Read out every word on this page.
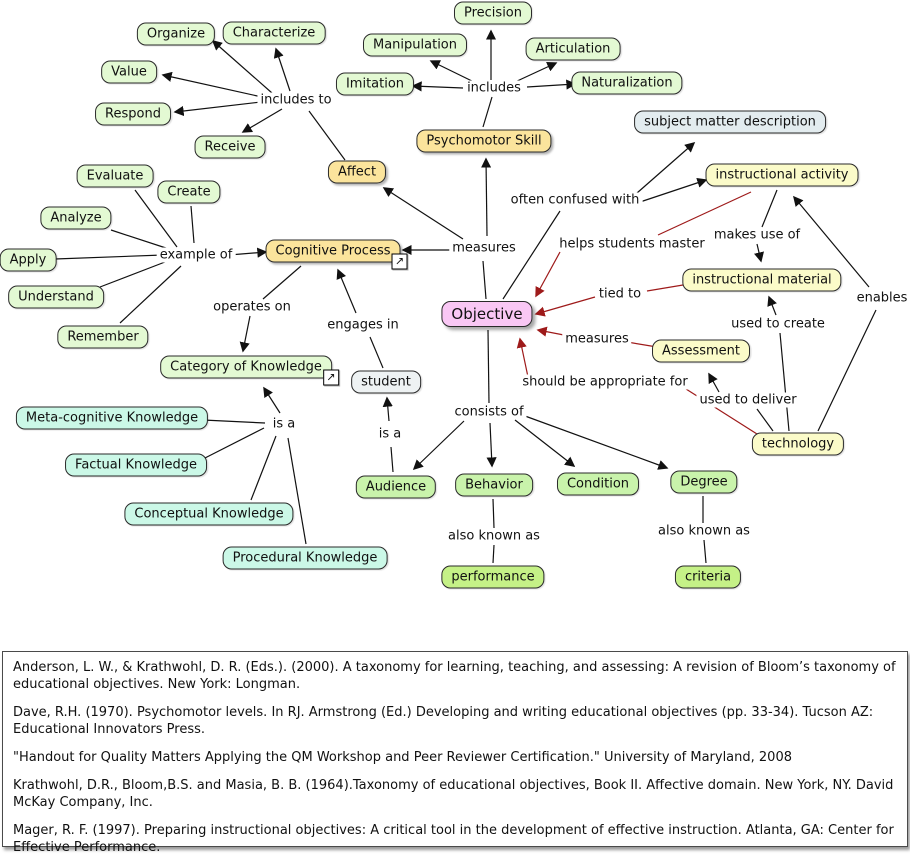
includes to
includes
example of
operates on
is a
engages in
is a
measures
often confused with
consists of
also known as	also known as
makes use of
used to create
enables
used to deliver
helps students master
tied to
measures
should be appropriate for
Organize	Characterize
Value
Respond
Receive
Precision
Manipulation
Imitation
Articulation
Naturalization
Affect
Psychomotor Skill
subject matter description
instructional activity
instructional material
Assessment
technology
Evaluate
Create
Analyze
Apply
Understand
Remember
Cognitive Process
↗
Objective
Category of Knowledge
↗
Meta-cognitive Knowledge
Factual Knowledge
Conceptual Knowledge
Procedural Knowledge
student
Audience	Behavior	Condition	Degree
performance	criteria

Anderson, L. W., & Krathwohl, D. R. (Eds.). (2000). A taxonomy for learning, teaching, and assessing: A revision of Bloom’s taxonomy of educational objectives. New York: Longman.

Dave, R.H. (1970). Psychomotor levels. In RJ. Armstrong (Ed.) Developing and writing educational objectives (pp. 33-34). Tucson AZ: Educational Innovators Press.

"Handout for Quality Matters Applying the QM Workshop and Peer Reviewer Certification." University of Maryland, 2008

Krathwohl, D.R., Bloom,B.S. and Masia, B. B. (1964).Taxonomy of educational objectives, Book II. Affective domain. New York, NY. David McKay Company, Inc.

Mager, R. F. (1997). Preparing instructional objectives: A critical tool in the development of effective instruction. Atlanta, GA: Center for Effective Performance.
